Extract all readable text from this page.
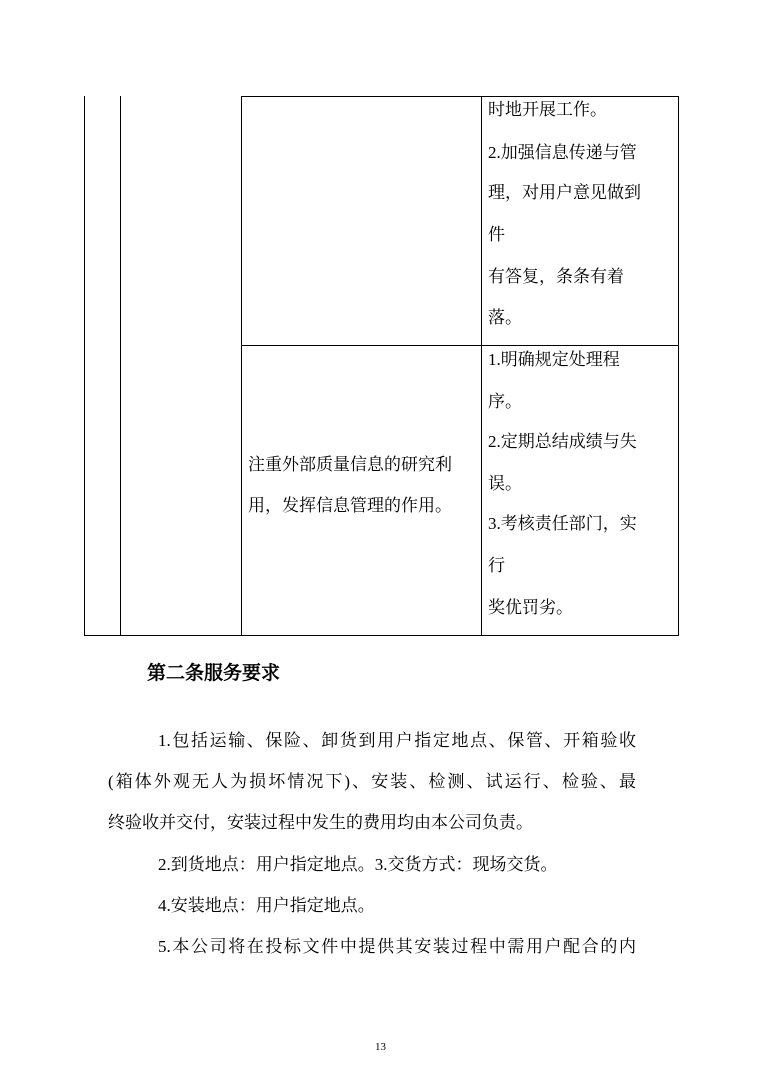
时地开展工作。
2.加强信息传递与管
理，对用户意见做到
件
有答复，条条有着
落。
注重外部质量信息的研究利
用，发挥信息管理的作用。
1.明确规定处理程
序。
2.定期总结成绩与失
误。
3.考核责任部门，实
行
奖优罚劣。
第二条服务要求
1.包括运输、保险、卸货到用户指定地点、保管、开箱验收
(箱体外观无人为损坏情况下)、安装、检测、试运行、检验、最
终验收并交付，安装过程中发生的费用均由本公司负责。
2.到货地点：用户指定地点。3.交货方式：现场交货。
4.安装地点：用户指定地点。
5.本公司将在投标文件中提供其安装过程中需用户配合的内
13
